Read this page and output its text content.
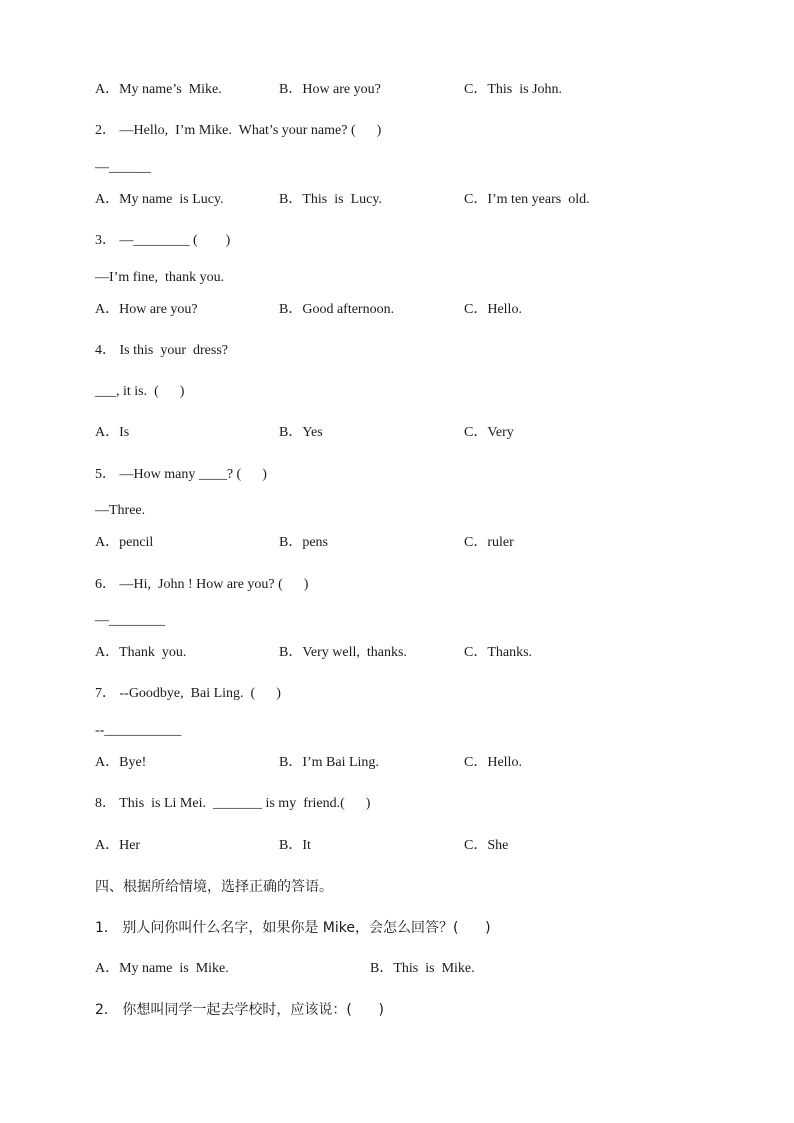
A．My name’s  Mike.	B．How are you?	C．This  is John.
2． —Hello,  I’m Mike.  What’s your name? (      )
—______
A．My name  is Lucy.	B．This  is  Lucy.	C．I’m ten years  old.
3． —________ (        )
—I’m fine,  thank you.
A．How are you?	B．Good afternoon.	C．Hello.
4． Is this  your  dress?
___, it is.  (      )
A．Is	B．Yes	C．Very
5． —How many ____? (      )
—Three.
A．pencil	B．pens	C．ruler
6． —Hi,  John ! How are you? (      )
—________
A．Thank  you.	B．Very well,  thanks.	C．Thanks.
7． --Goodbye,  Bai Ling.  (      )
--___________
A．Bye!	B．I’m Bai Ling.	C．Hello.
8． This  is Li Mei.  _______ is my  friend.(      )
A．Her	B．It	C．She
四、根据所给情境，选择正确的答语。
1． 别人问你叫什么名字，如果你是 Mike，会怎么回答？(      )
A．My name  is  Mike.	B．This  is  Mike.
2． 你想叫同学一起去学校时，应该说：(      )
